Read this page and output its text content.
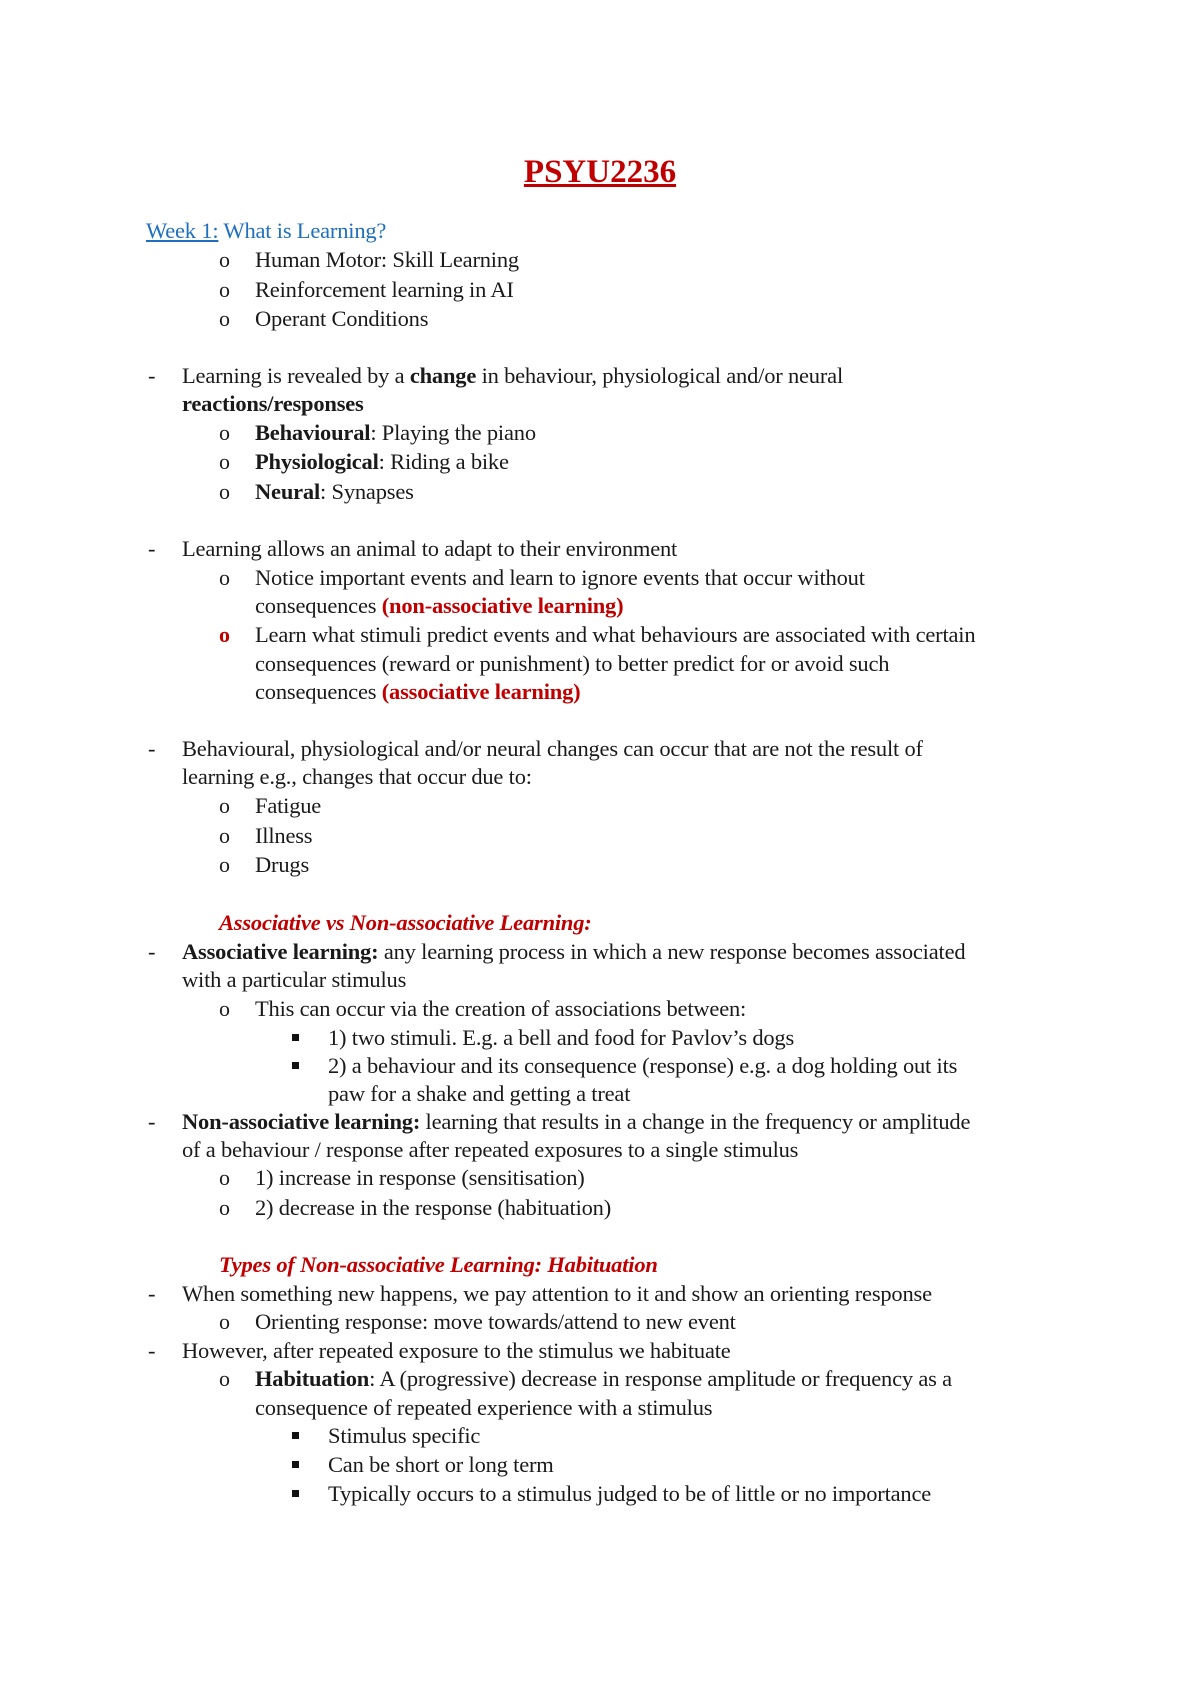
PSYU2236
Week 1: What is Learning?
o Human Motor: Skill Learning
o Reinforcement learning in AI
o Operant Conditions
- Learning is revealed by a change in behaviour, physiological and/or neural
reactions/responses
o Behavioural: Playing the piano
o Physiological: Riding a bike
o Neural: Synapses
- Learning allows an animal to adapt to their environment
o Notice important events and learn to ignore events that occur without
consequences (non-associative learning)
o Learn what stimuli predict events and what behaviours are associated with certain
consequences (reward or punishment) to better predict for or avoid such
consequences (associative learning)
- Behavioural, physiological and/or neural changes can occur that are not the result of
learning e.g., changes that occur due to:
o Fatigue
o Illness
o Drugs
Associative vs Non-associative Learning:
- Associative learning: any learning process in which a new response becomes associated
with a particular stimulus
o This can occur via the creation of associations between:
1) two stimuli. E.g. a bell and food for Pavlov’s dogs
2) a behaviour and its consequence (response) e.g. a dog holding out its
paw for a shake and getting a treat
- Non-associative learning: learning that results in a change in the frequency or amplitude
of a behaviour / response after repeated exposures to a single stimulus
o 1) increase in response (sensitisation)
o 2) decrease in the response (habituation)
Types of Non-associative Learning: Habituation
- When something new happens, we pay attention to it and show an orienting response
o Orienting response: move towards/attend to new event
- However, after repeated exposure to the stimulus we habituate
o Habituation: A (progressive) decrease in response amplitude or frequency as a
consequence of repeated experience with a stimulus
Stimulus specific
Can be short or long term
Typically occurs to a stimulus judged to be of little or no importance
